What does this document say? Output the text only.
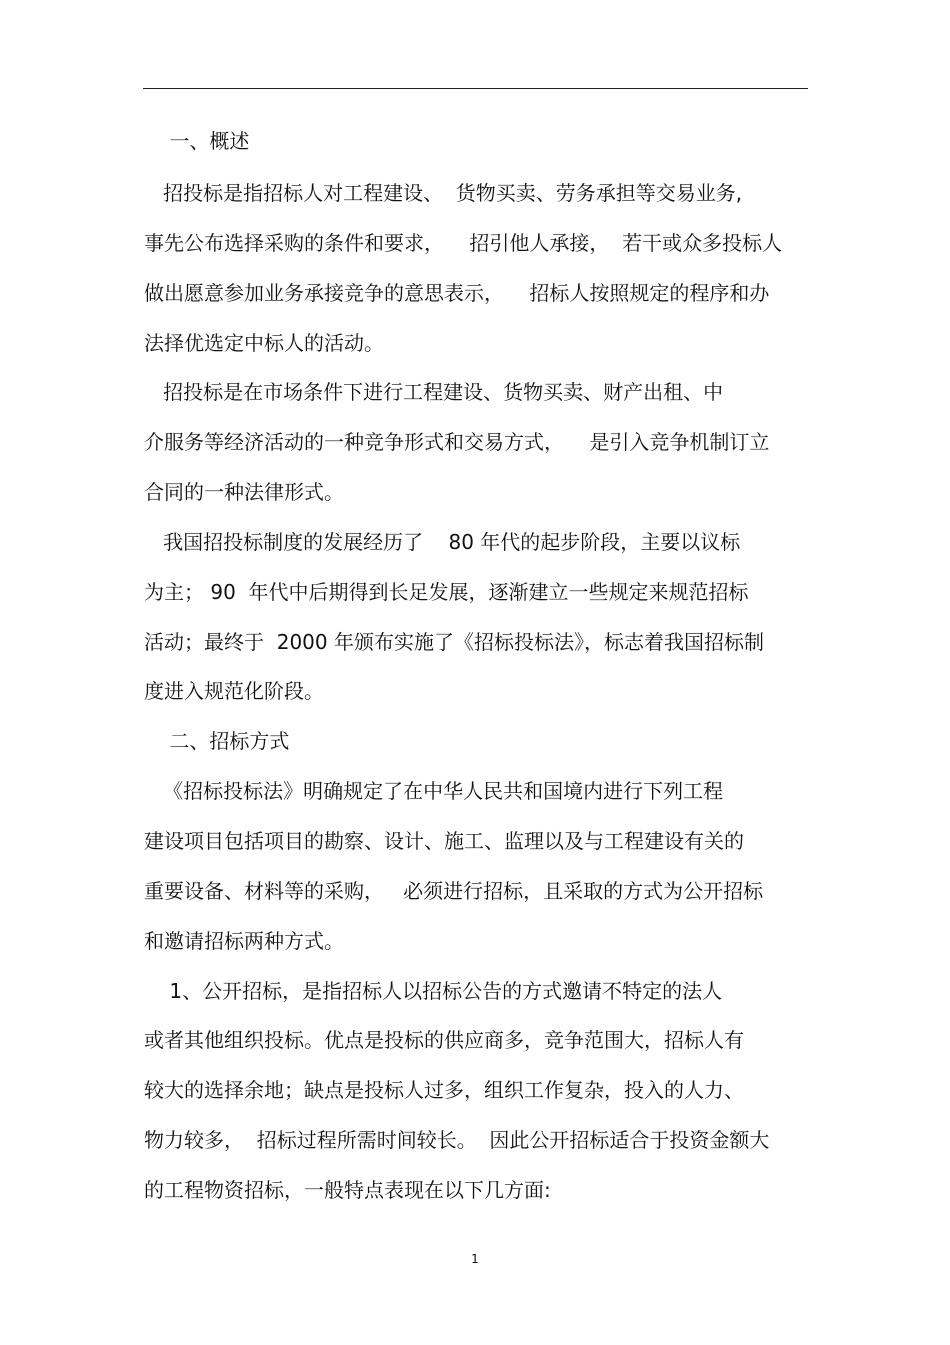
一、概述

招投标是指招标人对工程建设、  货物买卖、劳务承担等交易业务,

事先公布选择采购的条件和要求，    招引他人承接，  若干或众多投标人

做出愿意参加业务承接竞争的意思表示，    招标人按照规定的程序和办

法择优选定中标人的活动。

招投标是在市场条件下进行工程建设、货物买卖、财产出租、中

介服务等经济活动的一种竞争形式和交易方式，    是引入竞争机制订立

合同的一种法律形式。

我国招投标制度的发展经历了    80 年代的起步阶段，主要以议标

为主； 90  年代中后期得到长足发展，逐渐建立一些规定来规范招标

活动；最终于  2000 年颁布实施了《招标投标法》，标志着我国招标制

度进入规范化阶段。

二、招标方式

《招标投标法》明确规定了在中华人民共和国境内进行下列工程

建设项目包括项目的勘察、设计、施工、监理以及与工程建设有关的

重要设备、材料等的采购，   必须进行招标，且采取的方式为公开招标

和邀请招标两种方式。

1、公开招标，是指招标人以招标公告的方式邀请不特定的法人

或者其他组织投标。优点是投标的供应商多，竞争范围大，招标人有

较大的选择余地；缺点是投标人过多，组织工作复杂，投入的人力、

物力较多，  招标过程所需时间较长。  因此公开招标适合于投资金额大

的工程物资招标，一般特点表现在以下几方面:

1
